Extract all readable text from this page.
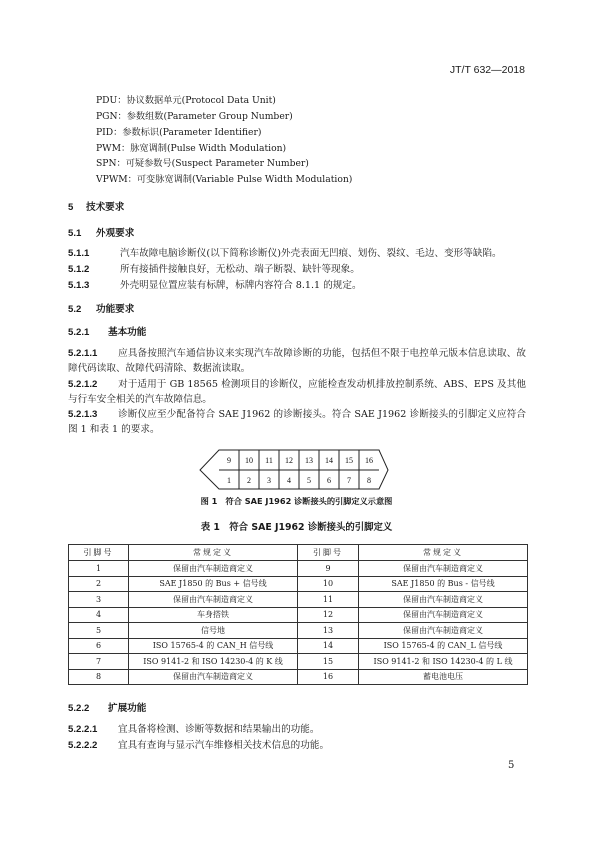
JT/T 632—2018
PDU：协议数据单元(Protocol Data Unit)
PGN：参数组数(Parameter Group Number)
PID：参数标识(Parameter Identifier)
PWM：脉宽调制(Pulse Width Modulation)
SPN：可疑参数号(Suspect Parameter Number)
VPWM：可变脉宽调制(Variable Pulse Width Modulation)
5 技术要求
5.1 外观要求
5.1.1	汽车故障电脑诊断仪(以下简称诊断仪)外壳表面无凹痕、划伤、裂纹、毛边、变形等缺陷。
5.1.2	所有接插件接触良好，无松动、端子断裂、缺针等现象。
5.1.3	外壳明显位置应装有标牌，标牌内容符合 8.1.1 的规定。
5.2 功能要求
5.2.1 基本功能
5.2.1.1 应具备按照汽车通信协议来实现汽车故障诊断的功能，包括但不限于电控单元版本信息读取、故障代码读取、故障代码清除、数据流读取。
5.2.1.2 对于适用于 GB 18565 检测项目的诊断仪，应能检查发动机排放控制系统、ABS、EPS 及其他与行车安全相关的汽车故障信息。
5.2.1.3 诊断仪应至少配备符合 SAE J1962 的诊断接头。符合 SAE J1962 诊断接头的引脚定义应符合图 1 和表 1 的要求。
9 10 11 12 13 14 15 16
1 2 3 4 5 6 7 8
图 1　符合 SAE J1962 诊断接头的引脚定义示意图
表 1　符合 SAE J1962 诊断接头的引脚定义
引脚号	常规定义	引脚号	常规定义
1	保留由汽车制造商定义	9	保留由汽车制造商定义
2	SAE J1850 的 Bus + 信号线	10	SAE J1850 的 Bus - 信号线
3	保留由汽车制造商定义	11	保留由汽车制造商定义
4	车身搭铁	12	保留由汽车制造商定义
5	信号地	13	保留由汽车制造商定义
6	ISO 15765-4 的 CAN_H 信号线	14	ISO 15765-4 的 CAN_L 信号线
7	ISO 9141-2 和 ISO 14230-4 的 K 线	15	ISO 9141-2 和 ISO 14230-4 的 L 线
8	保留由汽车制造商定义	16	蓄电池电压
5.2.2 扩展功能
5.2.2.1 宜具备将检测、诊断等数据和结果输出的功能。
5.2.2.2 宜具有查询与显示汽车维修相关技术信息的功能。
5
